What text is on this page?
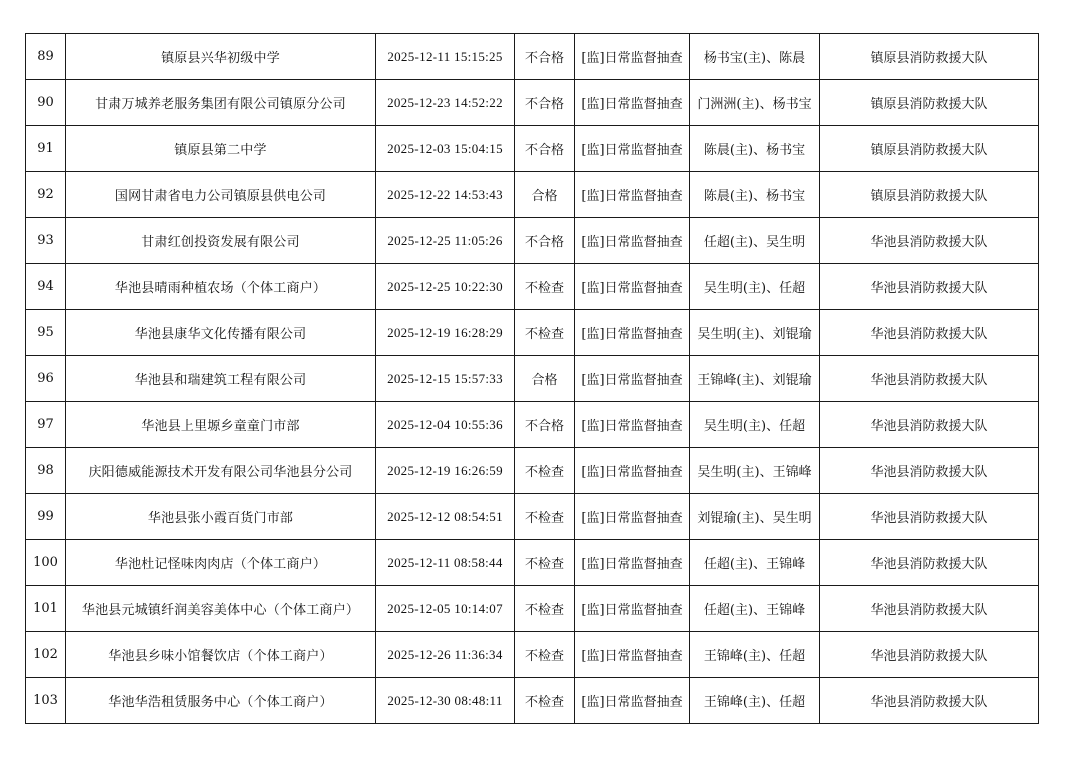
89	镇原县兴华初级中学	2025-12-11 15:15:25	不合格	[监]日常监督抽查	杨书宝(主)、陈晨	镇原县消防救援大队
90	甘肃万城养老服务集团有限公司镇原分公司	2025-12-23 14:52:22	不合格	[监]日常监督抽查	门洲洲(主)、杨书宝	镇原县消防救援大队
91	镇原县第二中学	2025-12-03 15:04:15	不合格	[监]日常监督抽查	陈晨(主)、杨书宝	镇原县消防救援大队
92	国网甘肃省电力公司镇原县供电公司	2025-12-22 14:53:43	合格	[监]日常监督抽查	陈晨(主)、杨书宝	镇原县消防救援大队
93	甘肃红创投资发展有限公司	2025-12-25 11:05:26	不合格	[监]日常监督抽查	任超(主)、吴生明	华池县消防救援大队
94	华池县晴雨种植农场（个体工商户）	2025-12-25 10:22:30	不检查	[监]日常监督抽查	吴生明(主)、任超	华池县消防救援大队
95	华池县康华文化传播有限公司	2025-12-19 16:28:29	不检查	[监]日常监督抽查	吴生明(主)、刘锟瑜	华池县消防救援大队
96	华池县和瑞建筑工程有限公司	2025-12-15 15:57:33	合格	[监]日常监督抽查	王锦峰(主)、刘锟瑜	华池县消防救援大队
97	华池县上里塬乡童童门市部	2025-12-04 10:55:36	不合格	[监]日常监督抽查	吴生明(主)、任超	华池县消防救援大队
98	庆阳德威能源技术开发有限公司华池县分公司	2025-12-19 16:26:59	不检查	[监]日常监督抽查	吴生明(主)、王锦峰	华池县消防救援大队
99	华池县张小霞百货门市部	2025-12-12 08:54:51	不检查	[监]日常监督抽查	刘锟瑜(主)、吴生明	华池县消防救援大队
100	华池杜记怪味肉肉店（个体工商户）	2025-12-11 08:58:44	不检查	[监]日常监督抽查	任超(主)、王锦峰	华池县消防救援大队
101	华池县元城镇纤润美容美体中心（个体工商户）	2025-12-05 10:14:07	不检查	[监]日常监督抽查	任超(主)、王锦峰	华池县消防救援大队
102	华池县乡味小馆餐饮店（个体工商户）	2025-12-26 11:36:34	不检查	[监]日常监督抽查	王锦峰(主)、任超	华池县消防救援大队
103	华池华浩租赁服务中心（个体工商户）	2025-12-30 08:48:11	不检查	[监]日常监督抽查	王锦峰(主)、任超	华池县消防救援大队
